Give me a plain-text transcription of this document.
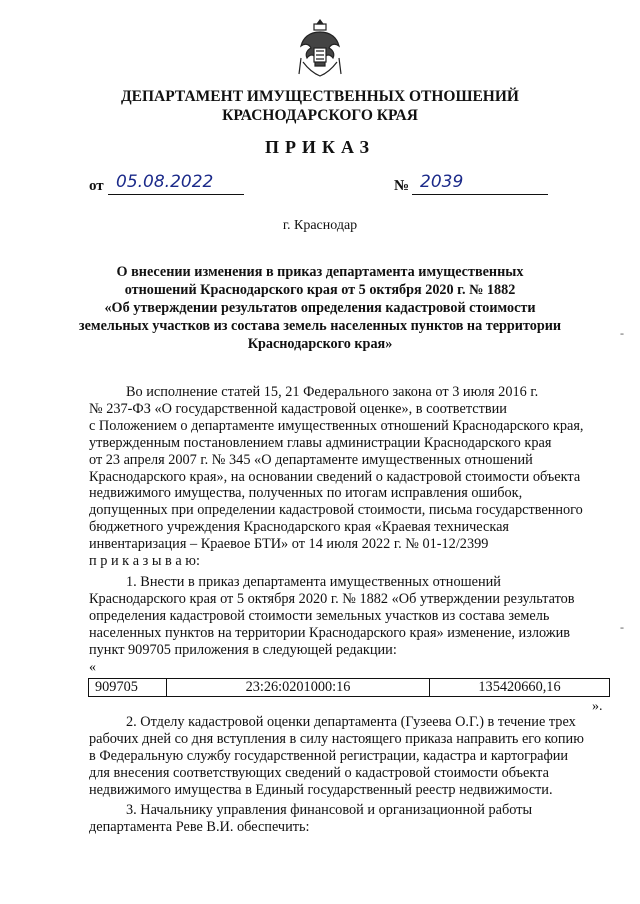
ДЕПАРТАМЕНТ ИМУЩЕСТВЕННЫХ ОТНОШЕНИЙ
КРАСНОДАРСКОГО КРАЯ
ПРИКАЗ
от 05.08.2022	№ 2039
г. Краснодар
О внесении изменения в приказ департамента имущественных
отношений Краснодарского края от 5 октября 2020 г. № 1882
«Об утверждении результатов определения кадастровой стоимости
земельных участков из состава земель населенных пунктов на территории
Краснодарского края»
Во исполнение статей 15, 21 Федерального закона от 3 июля 2016 г.
№ 237-ФЗ «О государственной кадастровой оценке», в соответствии
с Положением о департаменте имущественных отношений Краснодарского края,
утвержденным постановлением главы администрации Краснодарского края
от 23 апреля 2007 г. № 345 «О департаменте имущественных отношений
Краснодарского края», на основании сведений о кадастровой стоимости объекта
недвижимого имущества, полученных по итогам исправления ошибок,
допущенных при определении кадастровой стоимости, письма государственного
бюджетного учреждения Краснодарского края «Краевая техническая
инвентаризация – Краевое БТИ» от 14 июля 2022 г. № 01-12/2399
п р и к а з ы в а ю:
1. Внести в приказ департамента имущественных отношений
Краснодарского края от 5 октября 2020 г. № 1882 «Об утверждении результатов
определения кадастровой стоимости земельных участков из состава земель
населенных пунктов на территории Краснодарского края» изменение, изложив
пункт 909705 приложения в следующей редакции:
«
909705	23:26:0201000:16	135420660,16
».
2. Отделу кадастровой оценки департамента (Гузеева О.Г.) в течение трех
рабочих дней со дня вступления в силу настоящего приказа направить его копию
в Федеральную службу государственной регистрации, кадастра и картографии
для внесения соответствующих сведений о кадастровой стоимости объекта
недвижимого имущества в Единый государственный реестр недвижимости.
3. Начальнику управления финансовой и организационной работы
департамента Реве В.И. обеспечить:
-
-
